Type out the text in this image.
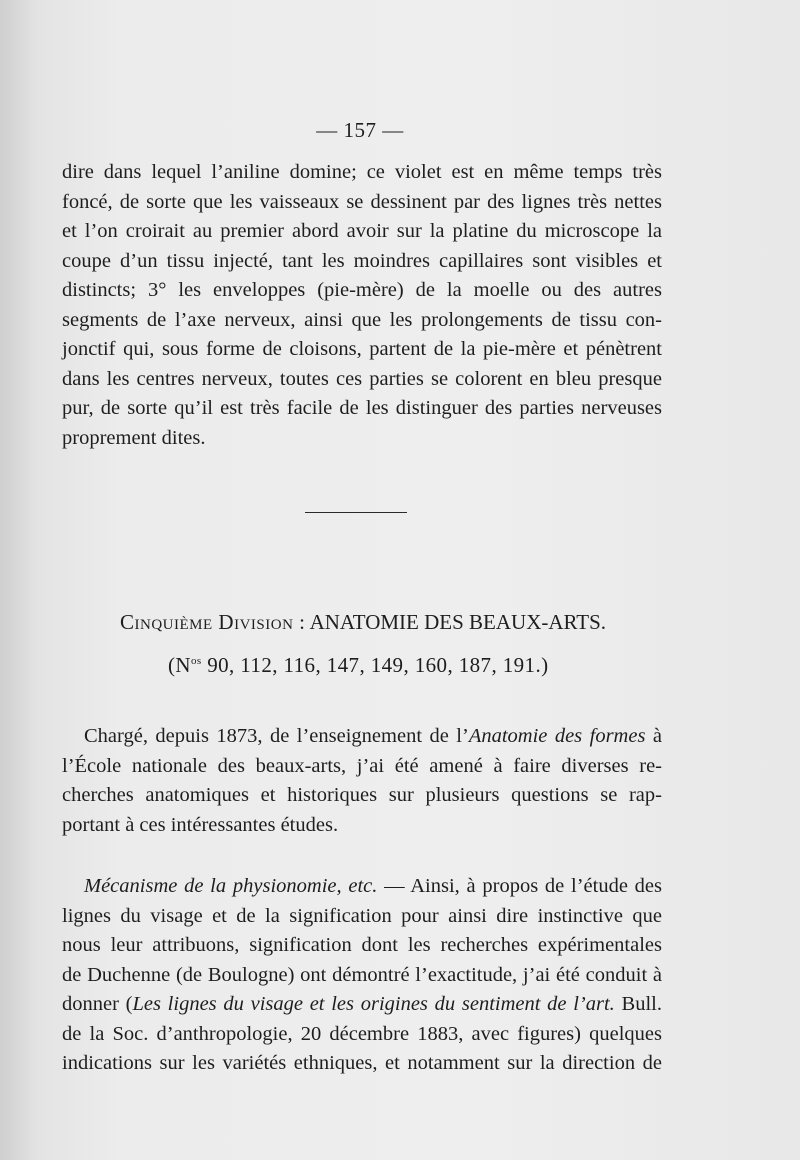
— 157 —
dire dans lequel l’aniline domine; ce violet est en même temps très
foncé, de sorte que les vaisseaux se dessinent par des lignes très nettes
et l’on croirait au premier abord avoir sur la platine du microscope la
coupe d’un tissu injecté, tant les moindres capillaires sont visibles et
distincts; 3° les enveloppes (pie-mère) de la moelle ou des autres
segments de l’axe nerveux, ainsi que les prolongements de tissu con-
jonctif qui, sous forme de cloisons, partent de la pie-mère et pénètrent
dans les centres nerveux, toutes ces parties se colorent en bleu presque
pur, de sorte qu’il est très facile de les distinguer des parties nerveuses
proprement dites.
Cinquième Division : ANATOMIE DES BEAUX-ARTS.
($N^{os}$ 90, 112, 116, 147, 149, 160, 187, 191.)
Chargé, depuis 1873, de l’enseignement de l’Anatomie des formes à
l’École nationale des beaux-arts, j’ai été amené à faire diverses re-
cherches anatomiques et historiques sur plusieurs questions se rap-
portant à ces intéressantes études.
Mécanisme de la physionomie, etc. — Ainsi, à propos de l’étude des
lignes du visage et de la signification pour ainsi dire instinctive que
nous leur attribuons, signification dont les recherches expérimentales
de Duchenne (de Boulogne) ont démontré l’exactitude, j’ai été conduit à
donner (Les lignes du visage et les origines du sentiment de l’art. Bull.
de la Soc. d’anthropologie, 20 décembre 1883, avec figures) quelques
indications sur les variétés ethniques, et notamment sur la direction de
